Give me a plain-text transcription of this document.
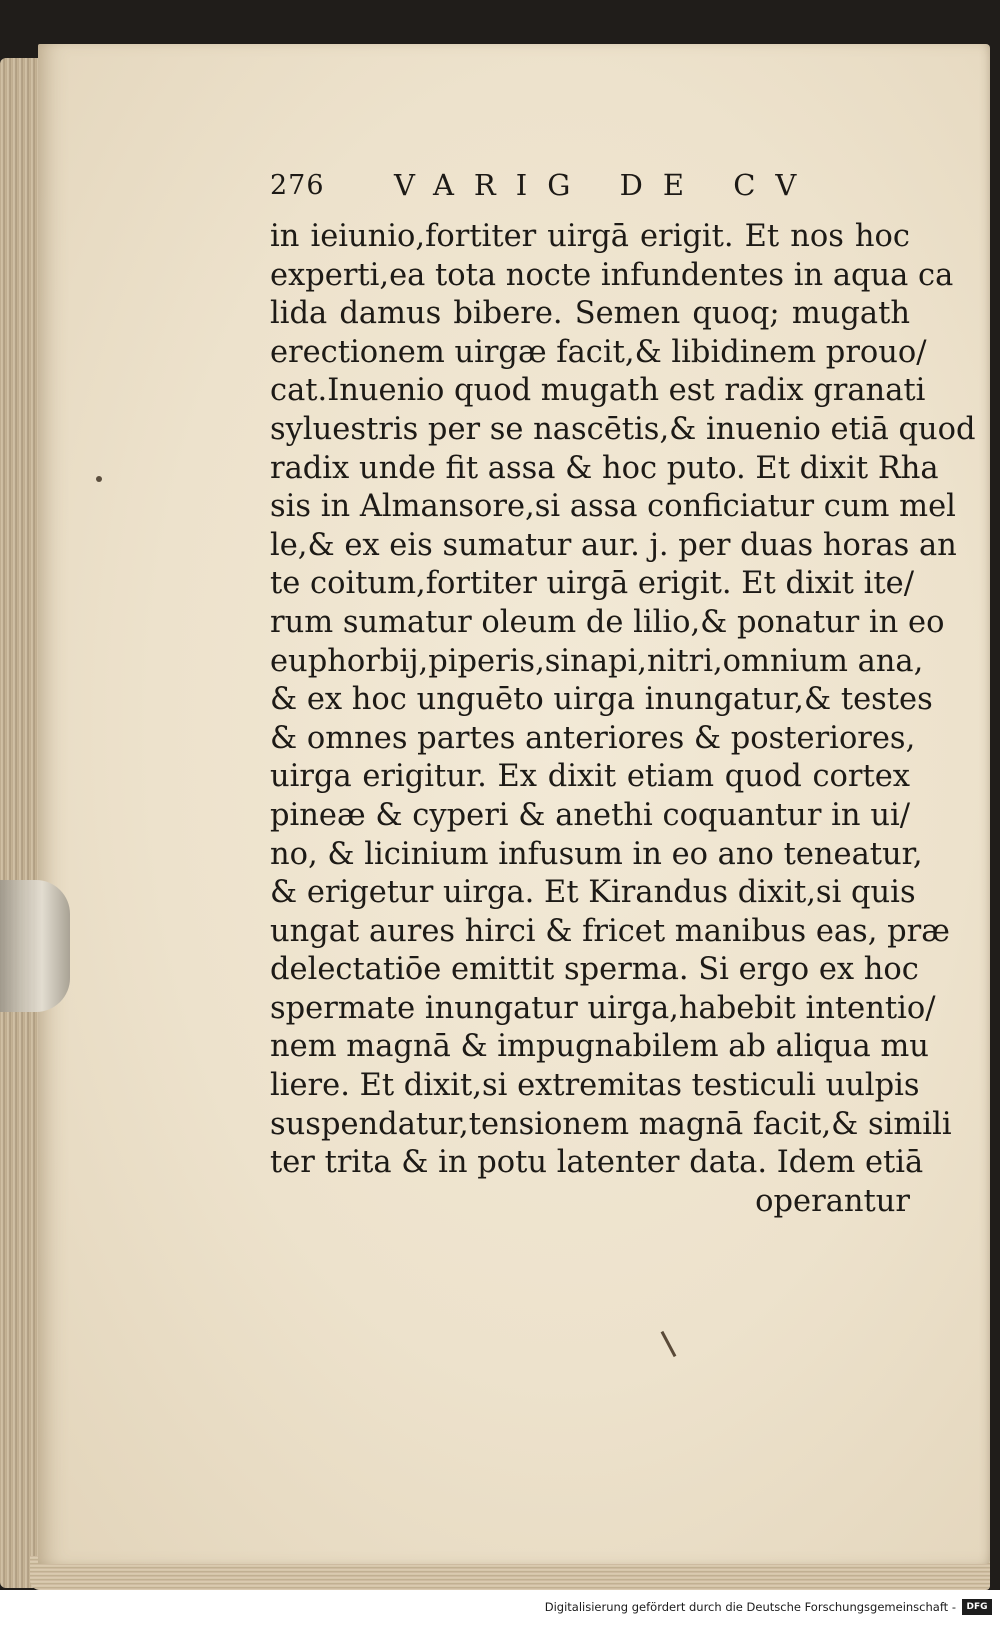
276 VARIG DE CV
in ieiunio,fortiter uirgā erigit. Et nos hoc
experti,ea tota nocte infundentes in aqua ca
lida damus bibere. Semen quoq; mugath
erectionem uirgæ facit,& libidinem prouo/
cat.Inuenio quod mugath est radix granati
syluestris per se nascētis,& inuenio etiā quod
radix unde fit assa & hoc puto. Et dixit Rha
sis in Almansore,si assa conficiatur cum mel
le,& ex eis sumatur aur. j. per duas horas an
te coitum,fortiter uirgā erigit. Et dixit ite/
rum sumatur oleum de lilio,& ponatur in eo
euphorbij,piperis,sinapi,nitri,omnium ana,
& ex hoc unguēto uirga inungatur,& testes
& omnes partes anteriores & posteriores,
uirga erigitur. Ex dixit etiam quod cortex
pineæ & cyperi & anethi coquantur in ui/
no, & licinium infusum in eo ano teneatur,
& erigetur uirga. Et Kirandus dixit,si quis
ungat aures hirci & fricet manibus eas, præ
delectatiōe emittit sperma. Si ergo ex hoc
spermate inungatur uirga,habebit intentio/
nem magnā & impugnabilem ab aliqua mu
liere. Et dixit,si extremitas testiculi uulpis
suspendatur,tensionem magnā facit,& simili
ter trita & in potu latenter data. Idem etiā
operantur
Digitalisierung gefördert durch die Deutsche Forschungsgemeinschaft -	DFG
